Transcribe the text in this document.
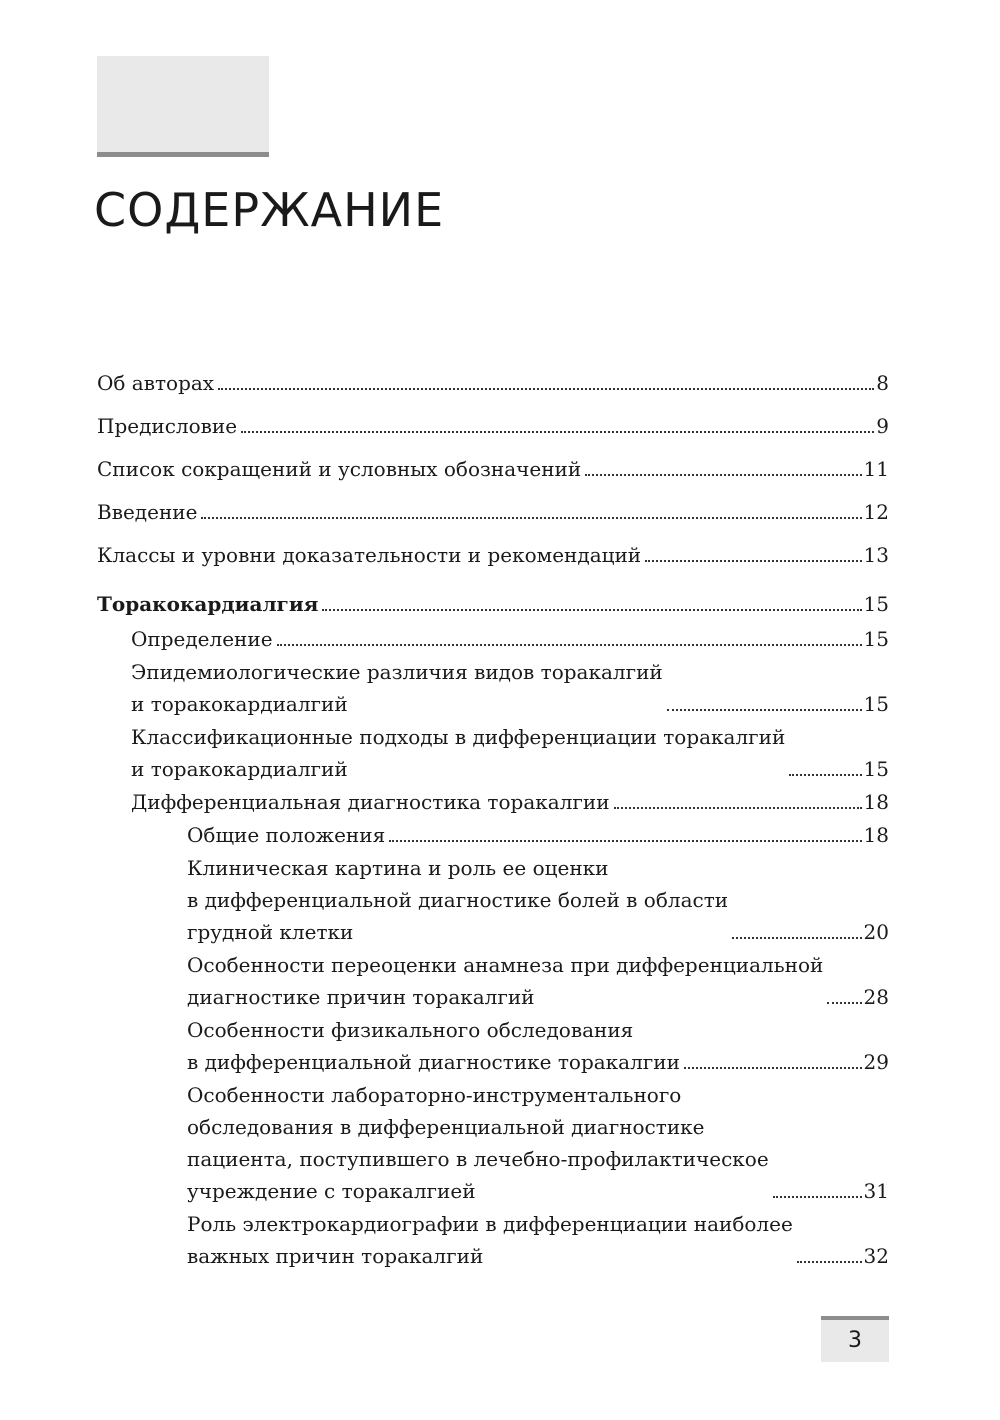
СОДЕРЖАНИЕ
Об авторах	8
Предисловие	9
Список сокращений и условных обозначений	11
Введение	12
Классы и уровни доказательности и рекомендаций	13
Торакокардиалгия	15
Определение	15
Эпидемиологические различия видов торакалгий
и торакокардиалгий	15
Классификационные подходы в дифференциации торакалгий
и торакокардиалгий	15
Дифференциальная диагностика торакалгии	18
Общие положения	18
Клиническая картина и роль ее оценки
в дифференциальной диагностике болей в области
грудной клетки	20
Особенности переоценки анамнеза при дифференциальной
диагностике причин торакалгий	28
Особенности физикального обследования
в дифференциальной диагностике торакалгии	29
Особенности лабораторно-инструментального
обследования в дифференциальной диагностике
пациента, поступившего в лечебно-профилактическое
учреждение с торакалгией	31
Роль электрокардиографии в дифференциации наиболее
важных причин торакалгий	32
3
